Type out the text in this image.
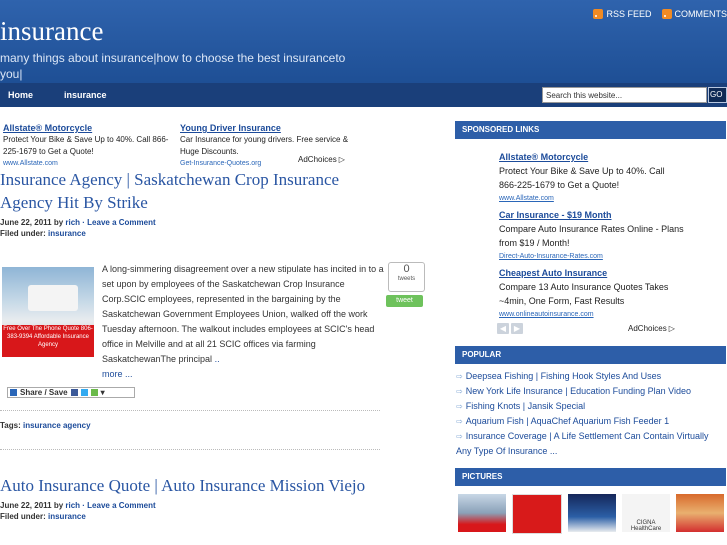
insurance
many things about insurance|how to choose the best insuranceto you|
RSS FEED	COMMENTS
Home	insurance
Search this website...	GO
Allstate® Motorcycle
Protect Your Bike & Save Up to 40%. Call 866-225-1679 to Get a Quote!
www.Allstate.com
Young Driver Insurance
Car Insurance for young drivers. Free service & Huge Discounts.
Get-Insurance-Quotes.org	AdChoices ▷
Insurance Agency | Saskatchewan Crop Insurance Agency Hit By Strike
June 22, 2011 by rich · Leave a Comment
Filed under: insurance
Free Over The Phone Quote 806-383-9394 Affordable Insurance Agency
A long-simmering disagreement over a new stipulate has incited in to a set upon by employees of the Saskatchewan Crop Insurance Corp.SCIC employees, represented in the bargaining by the Saskatchewan Government Employees Union, walked off the work Tuesday afternoon. The walkout includes employees at SCIC's head office in Melville and at all 21 SCIC offices via farming SaskatchewanThe principal ..
more ...
0
tweets
tweet
Share / Save	▾
Tags: insurance agency
Auto Insurance Quote | Auto Insurance Mission Viejo
June 22, 2011 by rich · Leave a Comment
Filed under: insurance
SPONSORED LINKS
Allstate® Motorcycle
Protect Your Bike & Save Up to 40%. Call 866-225-1679 to Get a Quote!
www.Allstate.com
Car Insurance - $19 Month
Compare Auto Insurance Rates Online - Plans from $19 / Month!
Direct-Auto-Insurance-Rates.com
Cheapest Auto Insurance
Compare 13 Auto Insurance Quotes Takes ~4min, One Form, Fast Results
www.onlineautoinsurance.com
◀ ▶	AdChoices ▷
POPULAR
⇨ Deepsea Fishing | Fishing Hook Styles And Uses
⇨ New York Life Insurance | Education Funding Plan Video
⇨ Fishing Knots | Jansik Special
⇨ Aquarium Fish | AquaChef Aquarium Fish Feeder 1
⇨ Insurance Coverage | A Life Settlement Can Contain Virtually Any Type Of Insurance ...
PICTURES
CIGNA HealthCare
